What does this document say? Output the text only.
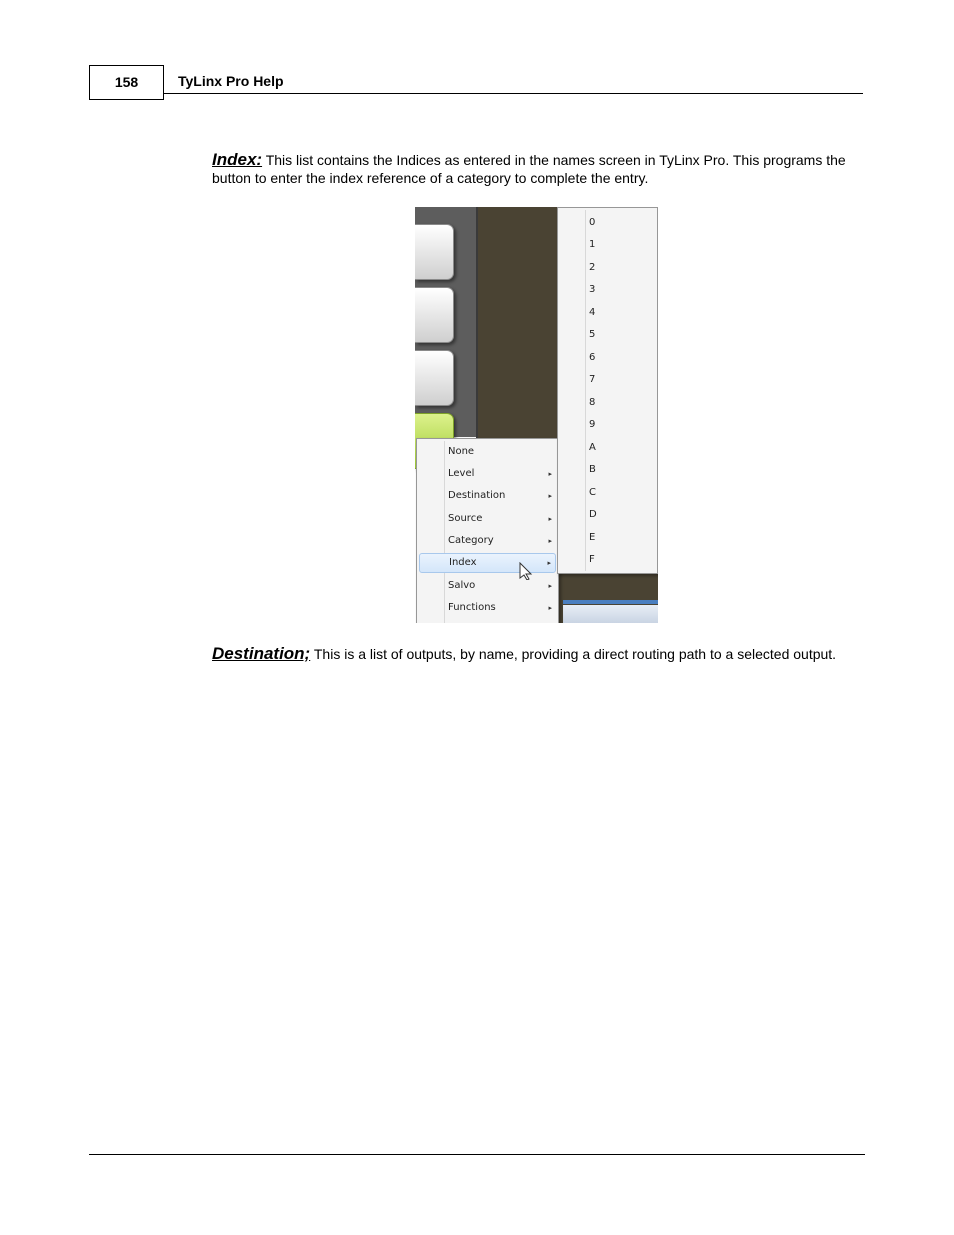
158	TyLinx Pro Help
Index: This list contains the Indices as entered in the names screen in TyLinx Pro. This programs the button to enter the index reference of a category to complete the entry.
None
Level	▸
Destination	▸
Source	▸
Category	▸
Index	▸
Salvo	▸
Functions	▸
0
1
2
3
4
5
6
7
8
9
A
B
C
D
E
F
Destination; This is a list of outputs, by name, providing a direct routing path to a selected output.
